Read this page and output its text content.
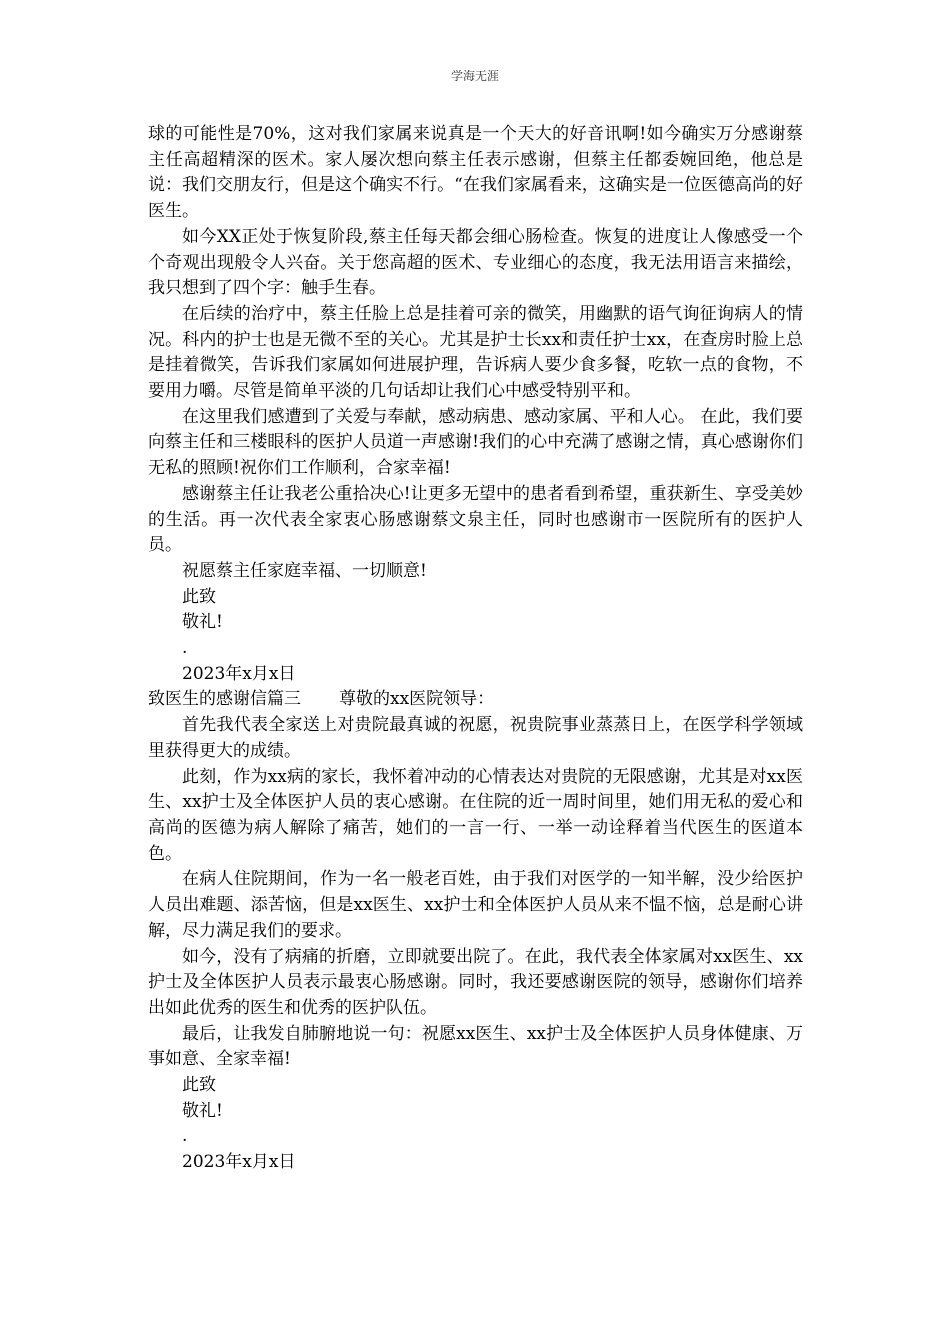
学海无涯

球的可能性是70%，这对我们家属来说真是一个天大的好音讯啊!如今确实万分感谢蔡主任高超精深的医术。家人屡次想向蔡主任表示感谢，但蔡主任都委婉回绝，他总是说：我们交朋友行，但是这个确实不行。“在我们家属看来，这确实是一位医德高尚的好医生。

如今XX正处于恢复阶段,蔡主任每天都会细心肠检查。恢复的进度让人像感受一个个奇观出现般令人兴奋。关于您高超的医术、专业细心的态度，我无法用语言来描绘，我只想到了四个字：触手生春。

在后续的治疗中，蔡主任脸上总是挂着可亲的微笑，用幽默的语气询征询病人的情况。科内的护士也是无微不至的关心。尤其是护士长xx和责任护士xx，在查房时脸上总是挂着微笑，告诉我们家属如何进展护理，告诉病人要少食多餐，吃软一点的食物，不要用力嚼。尽管是简单平淡的几句话却让我们心中感受特别平和。

在这里我们感遭到了关爱与奉献，感动病患、感动家属、平和人心。 在此，我们要向蔡主任和三楼眼科的医护人员道一声感谢!我们的心中充满了感谢之情，真心感谢你们无私的照顾!祝你们工作顺利，合家幸福!

感谢蔡主任让我老公重拾决心!让更多无望中的患者看到希望，重获新生、享受美妙的生活。再一次代表全家衷心肠感谢蔡文泉主任，同时也感谢市一医院所有的医护人员。

祝愿蔡主任家庭幸福、一切顺意!

此致

敬礼!

.

2023年x月x日

致医生的感谢信篇三 尊敬的xx医院领导：

首先我代表全家送上对贵院最真诚的祝愿，祝贵院事业蒸蒸日上，在医学科学领域里获得更大的成绩。

此刻，作为xx病的家长，我怀着冲动的心情表达对贵院的无限感谢，尤其是对xx医生、xx护士及全体医护人员的衷心感谢。在住院的近一周时间里，她们用无私的爱心和高尚的医德为病人解除了痛苦，她们的一言一行、一举一动诠释着当代医生的医道本色。

在病人住院期间，作为一名一般老百姓，由于我们对医学的一知半解，没少给医护人员出难题、添苦恼，但是xx医生、xx护士和全体医护人员从来不愠不恼，总是耐心讲解，尽力满足我们的要求。

如今，没有了病痛的折磨，立即就要出院了。在此，我代表全体家属对xx医生、xx护士及全体医护人员表示最衷心肠感谢。同时，我还要感谢医院的领导，感谢你们培养出如此优秀的医生和优秀的医护队伍。

最后，让我发自肺腑地说一句：祝愿xx医生、xx护士及全体医护人员身体健康、万事如意、全家幸福!

此致

敬礼!

.

2023年x月x日
